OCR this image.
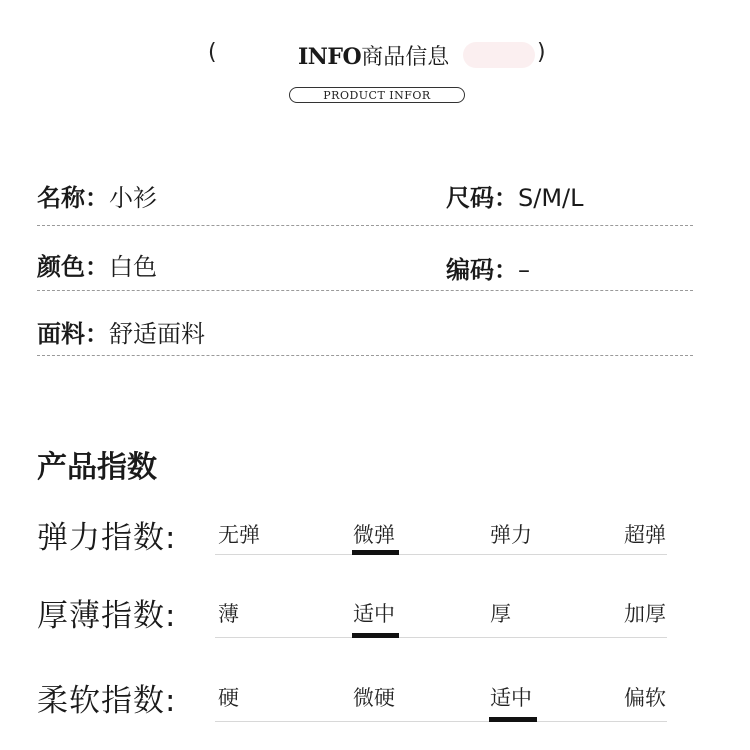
(	INFO商品信息	)
PRODUCT INFOR
名称：小衫	尺码：S/M/L
颜色：白色	编码：–
面料：舒适面料
产品指数
弹力指数: 无弹	微弹	弹力	超弹
厚薄指数: 薄	适中	厚	加厚
柔软指数: 硬	微硬	适中	偏软
